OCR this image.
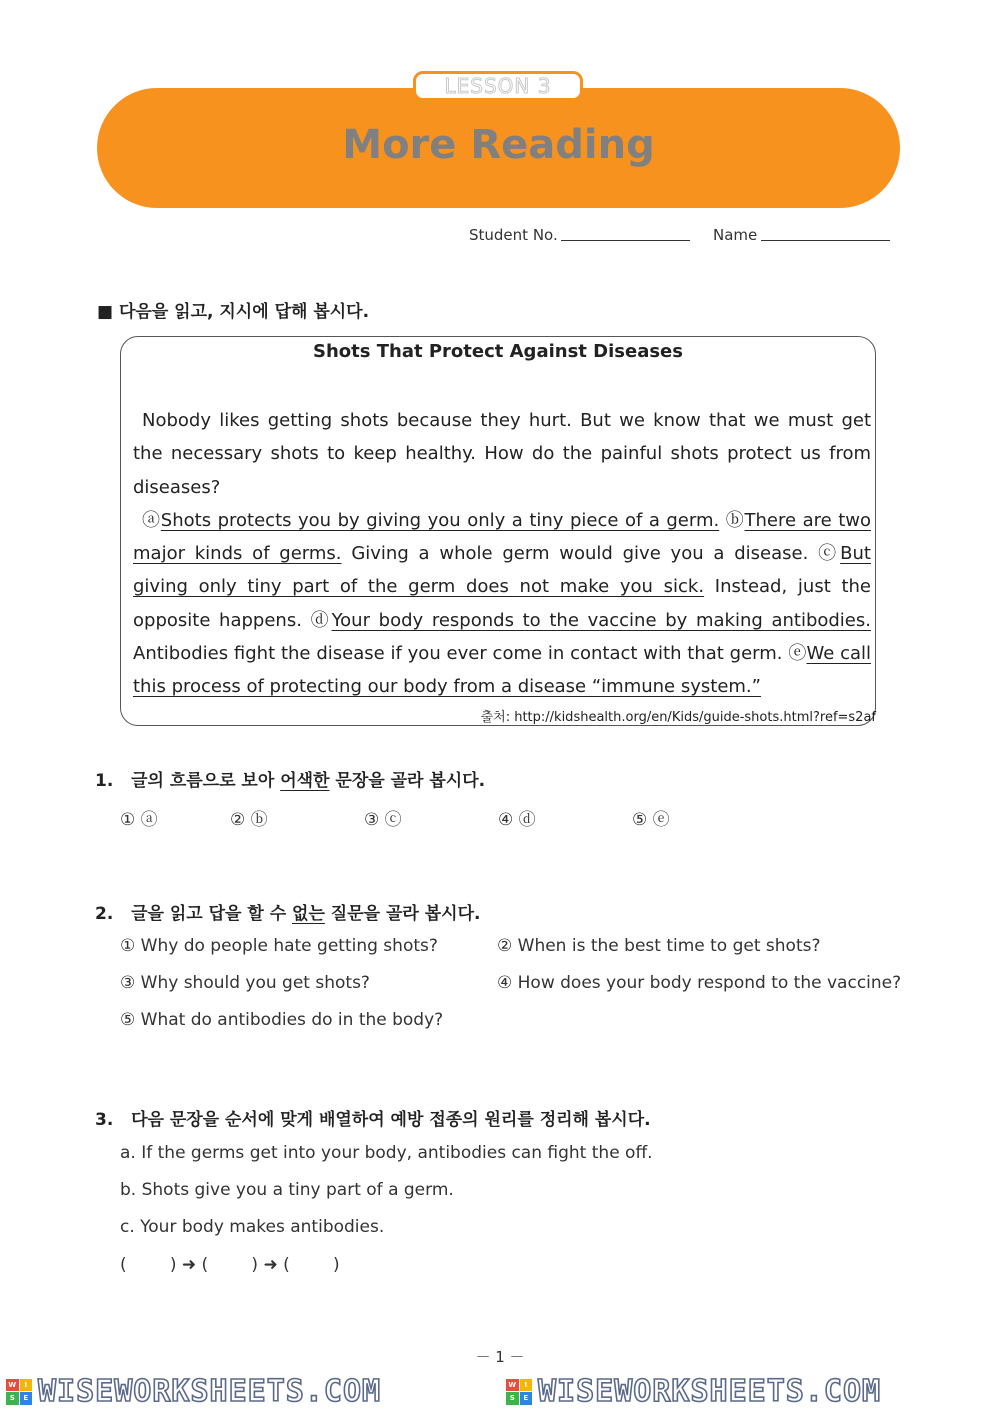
LESSON 3
More Reading
Student No.	Name
■ 다음을 읽고, 지시에 답해 봅시다.
Shots That Protect Against Diseases
Nobody likes getting shots because they hurt. But we know that we must get the necessary shots to keep healthy. How do the painful shots protect us from diseases?
ⓐShots protects you by giving you only a tiny piece of a germ. ⓑThere are two major kinds of germs. Giving a whole germ would give you a disease. ⓒBut giving only tiny part of the germ does not make you sick. Instead, just the opposite happens. ⓓYour body responds to the vaccine by making antibodies. Antibodies fight the disease if you ever come in contact with that germ. ⓔWe call this process of protecting our body from a disease “immune system.”
출처: http://kidshealth.org/en/Kids/guide-shots.html?ref=s2af
1. 글의 흐름으로 보아 어색한 문장을 골라 봅시다.
① ⓐ	② ⓑ	③ ⓒ	④ ⓓ	⑤ ⓔ
2. 글을 읽고 답을 할 수 없는 질문을 골라 봅시다.
① Why do people hate getting shots?	② When is the best time to get shots?
③ Why should you get shots?	④ How does your body respond to the vaccine?
⑤ What do antibodies do in the body?
3. 다음 문장을 순서에 맞게 배열하여 예방 접종의 원리를 정리해 봅시다.
a. If the germs get into your body, antibodies can fight the off.
b. Shots give you a tiny part of a germ.
c. Your body makes antibodies.
(        ) ➜ (        ) ➜ (        )
－ 1 －
W	I
S	E WISEWORKSHEETS.COM	W	I
S	E WISEWORKSHEETS.COM
